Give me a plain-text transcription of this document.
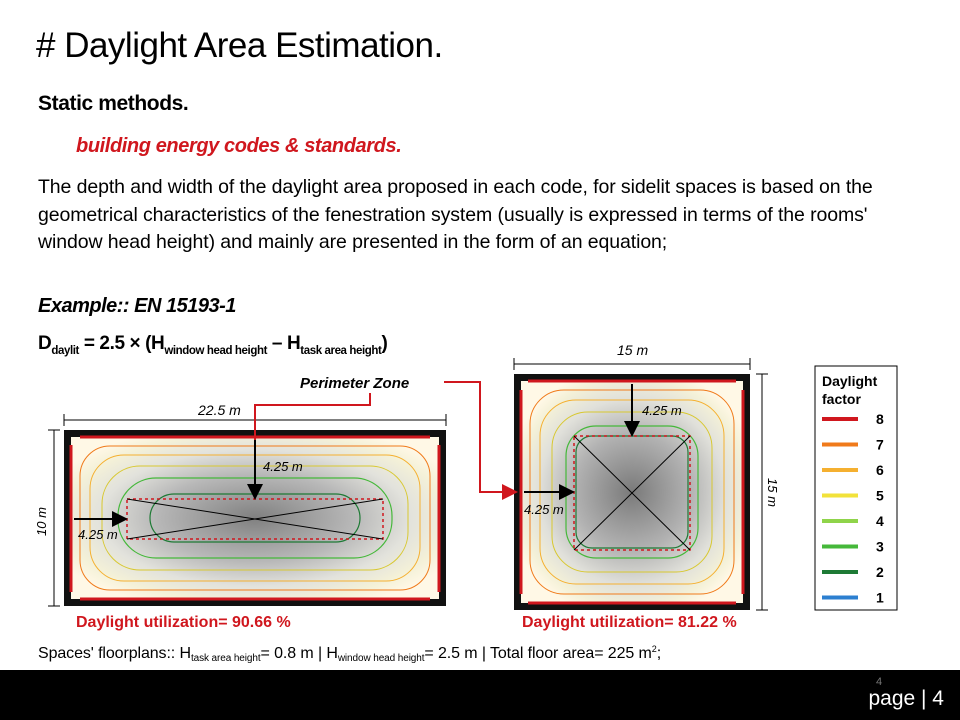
# Daylight Area Estimation.
Static methods.
building energy codes & standards.
The depth and width of the daylight area proposed in each code, for sidelit spaces is based on the geometrical characteristics of the fenestration system (usually is expressed in terms of the rooms' window head height) and mainly are presented in the form of an equation;
Example:: EN 15193-1
$D_{daylit} = 2.5 \times (H_{window head height} - H_{task area height})$
22.5 m
10 m
4.25 m
4.25 m
15 m
15 m
4.25 m
4.25 m
Perimeter Zone	Daylight
factor
8
7
6
5
4
3
2
1
Daylight utilization= 90.66 %	Daylight utilization= 81.22 %
Spaces' floorplans:: $H_{task area height}= 0.8$ m | $H_{window head height}= 2.5$ m | Total floor area= 225 $m^2$;
4
page | 4
